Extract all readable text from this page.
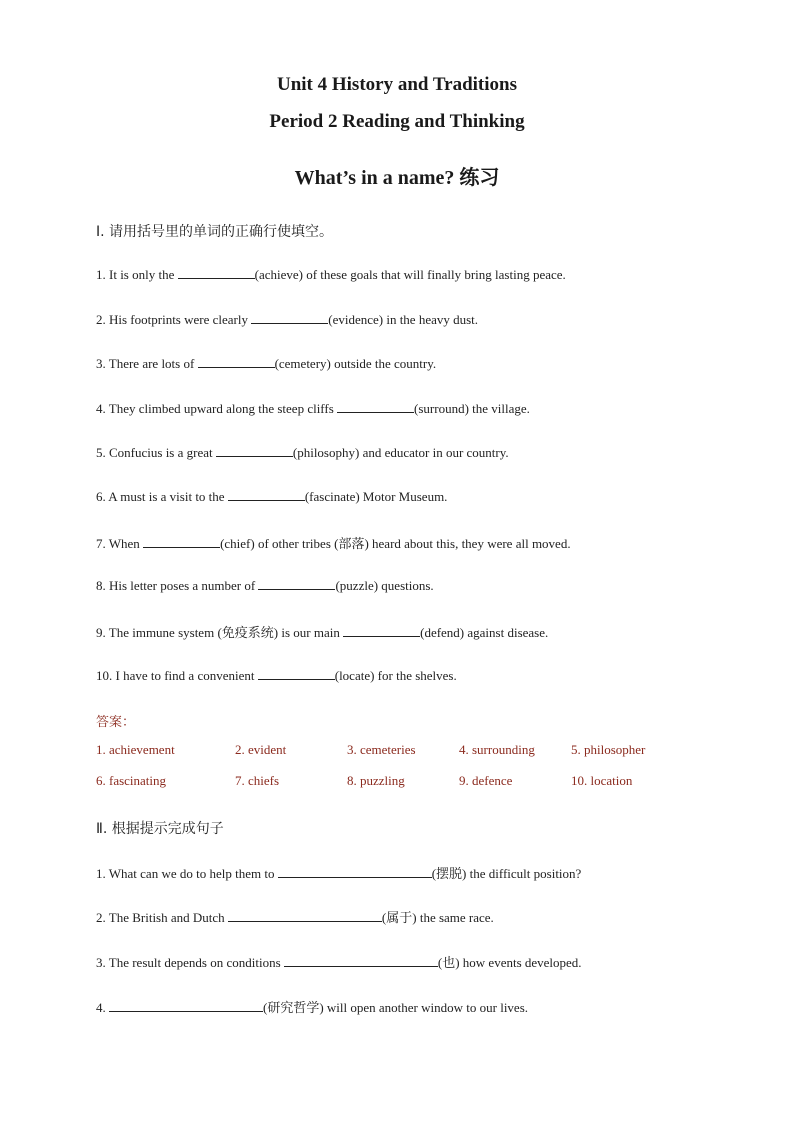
Unit 4 History and Traditions
Period 2 Reading and Thinking
What’s in a name? 练习
Ⅰ. 请用括号里的单词的正确行使填空。
1. It is only the	(achieve) of these goals that will finally bring lasting peace.
2. His footprints were clearly	(evidence) in the heavy dust.
3. There are lots of	(cemetery) outside the country.
4. They climbed upward along the steep cliffs	(surround) the village.
5. Confucius is a great	(philosophy) and educator in our country.
6. A must is a visit to the	(fascinate) Motor Museum.
7. When	(chief) of other tribes (部落) heard about this, they were all moved.
8. His letter poses a number of	(puzzle) questions.
9. The immune system (免疫系统) is our main	(defend) against disease.
10. I have to find a convenient	(locate) for the shelves.
答案：
1. achievement	2. evident	3. cemeteries	4. surrounding	5. philosopher
6. fascinating	7. chiefs	8. puzzling	9. defence	10. location
Ⅱ. 根据提示完成句子
1. What can we do to help them to	(摆脱) the difficult position?
2. The British and Dutch	(属于) the same race.
3. The result depends on conditions	(也) how events developed.
4.	(研究哲学) will open another window to our lives.
